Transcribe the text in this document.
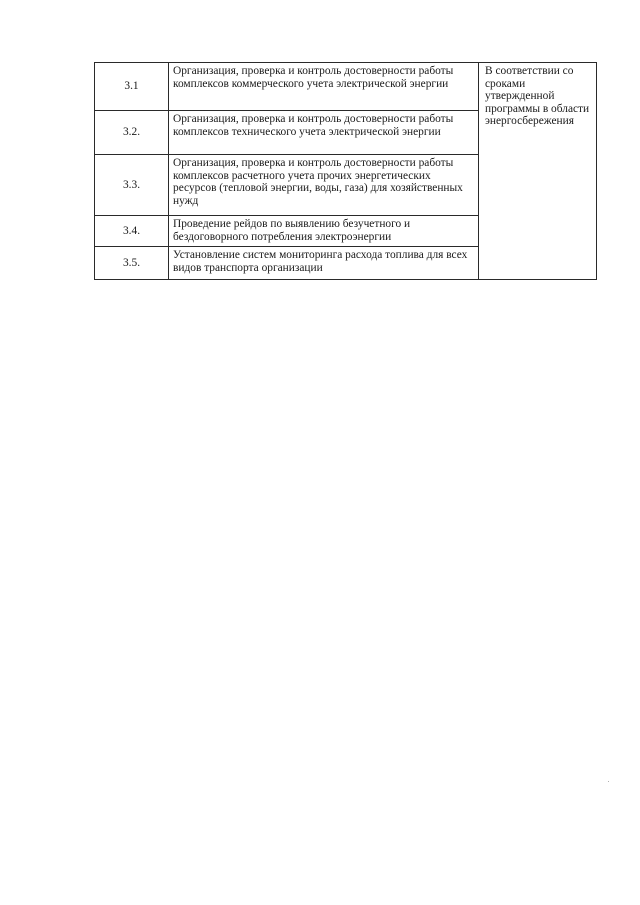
3.1	Организация, проверка и контроль достоверности работы комплексов коммерческого учета электрической энергии	В соответствии со сроками утвержденной программы в области энергосбережения
3.2.	Организация, проверка и контроль достоверности работы комплексов технического учета электрической энергии	
3.3.	Организация, проверка и контроль достоверности работы комплексов расчетного учета прочих энергетических ресурсов (тепловой энергии, воды, газа) для хозяйственных нужд	
3.4.	Проведение рейдов по выявлению безучетного и бездоговорного потребления электроэнергии	
3.5.	Установление систем мониторинга расхода топлива для всех видов транспорта организации	
